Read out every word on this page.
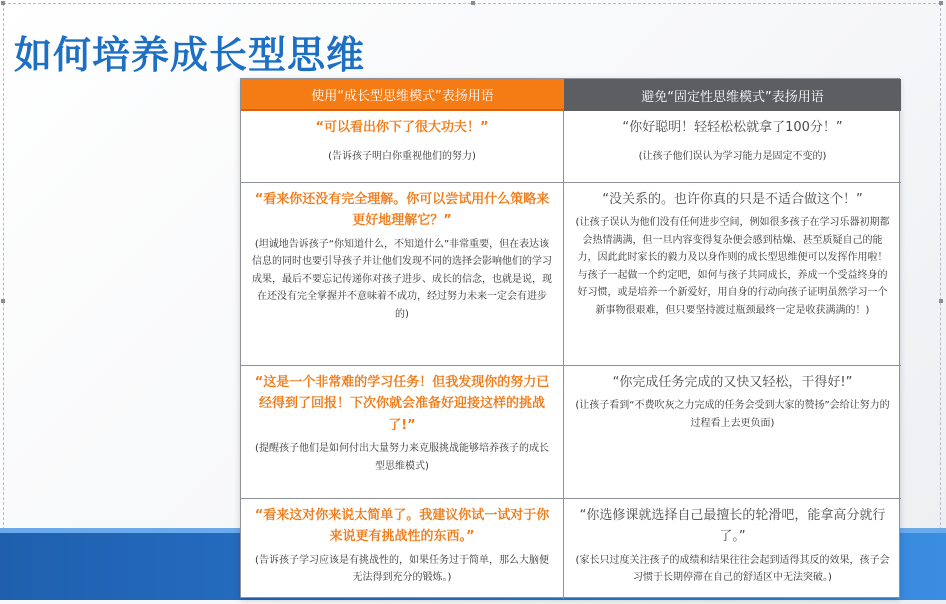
如何培养成长型思维
使用“成长型思维模式”表扬用语	避免“固定性思维模式”表扬用语

“可以看出你下了很大功夫！”

(告诉孩子明白你重视他们的努力)

“你好聪明！轻轻松松就拿了100分！”

(让孩子他们误认为学习能力是固定不变的)

“看来你还没有完全理解。你可以尝试用什么策略来更好地理解它？”

(坦诚地告诉孩子“你知道什么，不知道什么”非常重要，但在表达该信息的同时也要引导孩子并让他们发现不同的选择会影响他们的学习成果，最后不要忘记传递你对孩子进步、成长的信念，也就是说，现在还没有完全掌握并不意味着不成功，经过努力未来一定会有进步的)

“没关系的。也许你真的只是不适合做这个！”

(让孩子误认为他们没有任何进步空间，例如很多孩子在学习乐器初期都会热情满满，但一旦内容变得复杂便会感到枯燥、甚至质疑自己的能力，因此此时家长的毅力及以身作则的成长型思维便可以发挥作用啦！与孩子一起做一个约定吧，如何与孩子共同成长，养成一个受益终身的好习惯，或是培养一个新爱好，用自身的行动向孩子证明虽然学习一个新事物很艰难，但只要坚持渡过瓶颈最终一定是收获满满的！)

“这是一个非常难的学习任务！但我发现你的努力已经得到了回报！下次你就会准备好迎接这样的挑战了!”

(提醒孩子他们是如何付出大量努力来克服挑战能够培养孩子的成长型思维模式)

“你完成任务完成的又快又轻松，干得好!”

(让孩子看到“不费吹灰之力完成的任务会受到大家的赞扬”会给让努力的过程看上去更负面)

“看来这对你来说太简单了。我建议你试一试对于你来说更有挑战性的东西。”

(告诉孩子学习应该是有挑战性的，如果任务过于简单，那么大脑便无法得到充分的锻炼。)

“你选修课就选择自己最擅长的轮滑吧，能拿高分就行了。”

(家长只过度关注孩子的成绩和结果往往会起到适得其反的效果，孩子会习惯于长期停滞在自己的舒适区中无法突破。)
